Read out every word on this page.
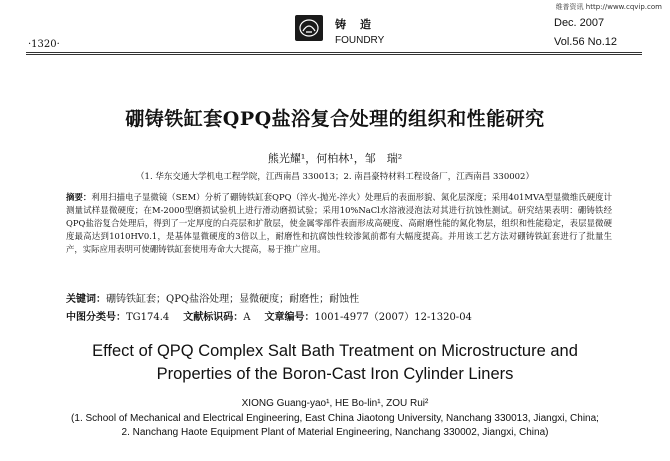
维普资讯 http://www.cqvip.com
·1320·
铸造
FOUNDRY
Dec. 2007
Vol.56 No.12
硼铸铁缸套QPQ盐浴复合处理的组织和性能研究
熊光耀¹，何柏林¹，邹　瑞²
（1. 华东交通大学机电工程学院，江西南昌 330013；2. 南昌豪特材料工程设备厂，江西南昌 330002）
摘要：利用扫描电子显微镜（SEM）分析了硼铸铁缸套QPQ（淬火-抛光-淬火）处理后的表面形貌、氮化层深度；采用401MVA型显微维氏硬度计测量试样显微硬度；在M-2000型磨损试验机上进行滑动磨损试验；采用10%NaCl水溶液浸泡法对其进行抗蚀性测试。研究结果表明：硼铸铁经QPQ盐浴复合处理后，得到了一定厚度的白亮层和扩散层，使金属零部件表面形成高硬度、高耐磨性能的氮化物层，组织和性能稳定，表层显微硬度最高达到1010HV0.1，是基体显微硬度的3倍以上，耐磨性和抗腐蚀性较渗氮前都有大幅度提高。并用该工艺方法对硼铸铁缸套进行了批量生产，实际应用表明可使硼铸铁缸套使用寿命大大提高，易于推广应用。
关键词：硼铸铁缸套；QPQ盐浴处理；显微硬度；耐磨性；耐蚀性
中图分类号：TG174.4 文献标识码：A 文章编号：1001-4977（2007）12-1320-04
Effect of QPQ Complex Salt Bath Treatment on Microstructure and
Properties of the Boron-Cast Iron Cylinder Liners
XIONG Guang-yao¹, HE Bo-lin¹, ZOU Rui²
(1. School of Mechanical and Electrical Engineering, East China Jiaotong University, Nanchang 330013, Jiangxi, China; 2. Nanchang Haote Equipment Plant of Material Engineering, Nanchang 330002, Jiangxi, China)
